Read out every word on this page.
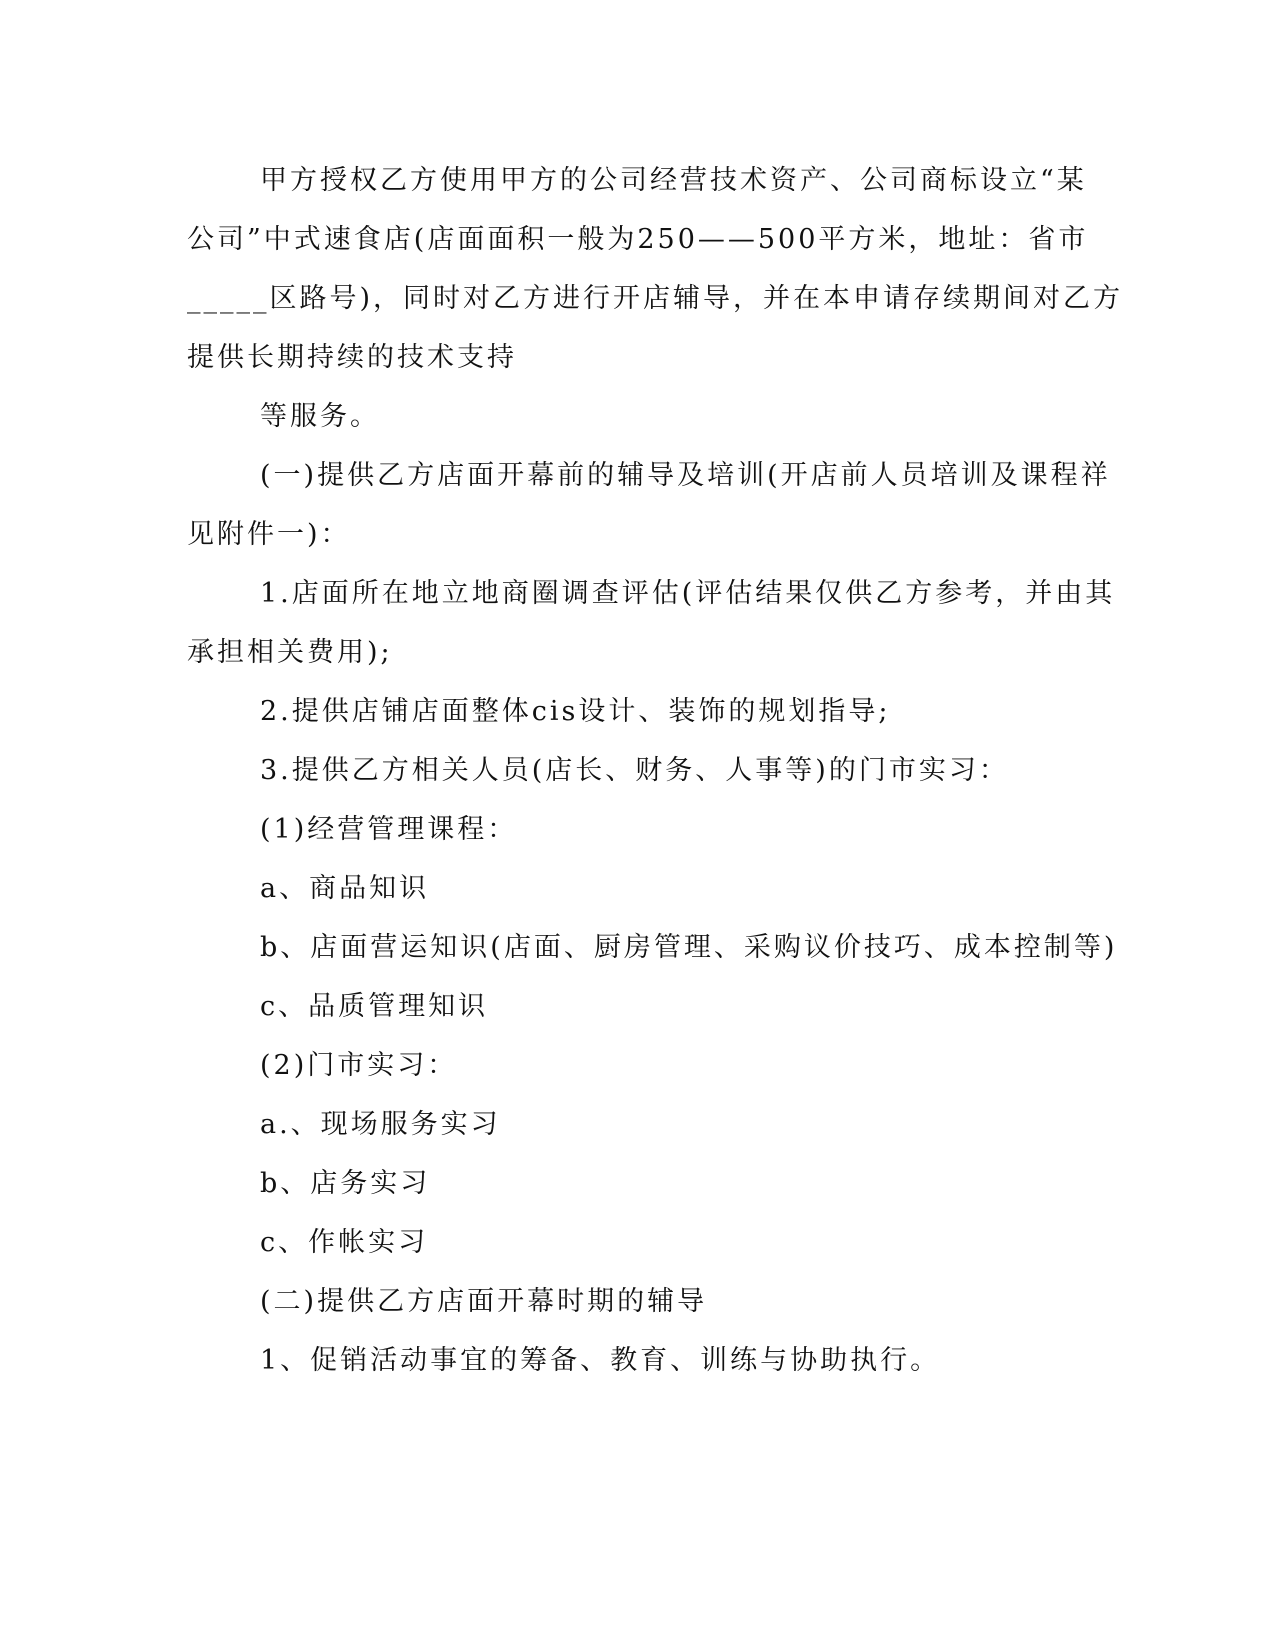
甲方授权乙方使用甲方的公司经营技术资产、公司商标设立“某
公司”中式速食店(店面面积一般为250——500平方米，地址：省市
_____区路号)，同时对乙方进行开店辅导，并在本申请存续期间对乙方
提供长期持续的技术支持
等服务。
(一)提供乙方店面开幕前的辅导及培训(开店前人员培训及课程祥
见附件一)：
1.店面所在地立地商圈调查评估(评估结果仅供乙方参考，并由其
承担相关费用);
2.提供店铺店面整体cis设计、装饰的规划指导;
3.提供乙方相关人员(店长、财务、人事等)的门市实习：
(1)经营管理课程：
a、商品知识
b、店面营运知识(店面、厨房管理、采购议价技巧、成本控制等)
c、品质管理知识
(2)门市实习：
a.、现场服务实习
b、店务实习
c、作帐实习
(二)提供乙方店面开幕时期的辅导
1、促销活动事宜的筹备、教育、训练与协助执行。
